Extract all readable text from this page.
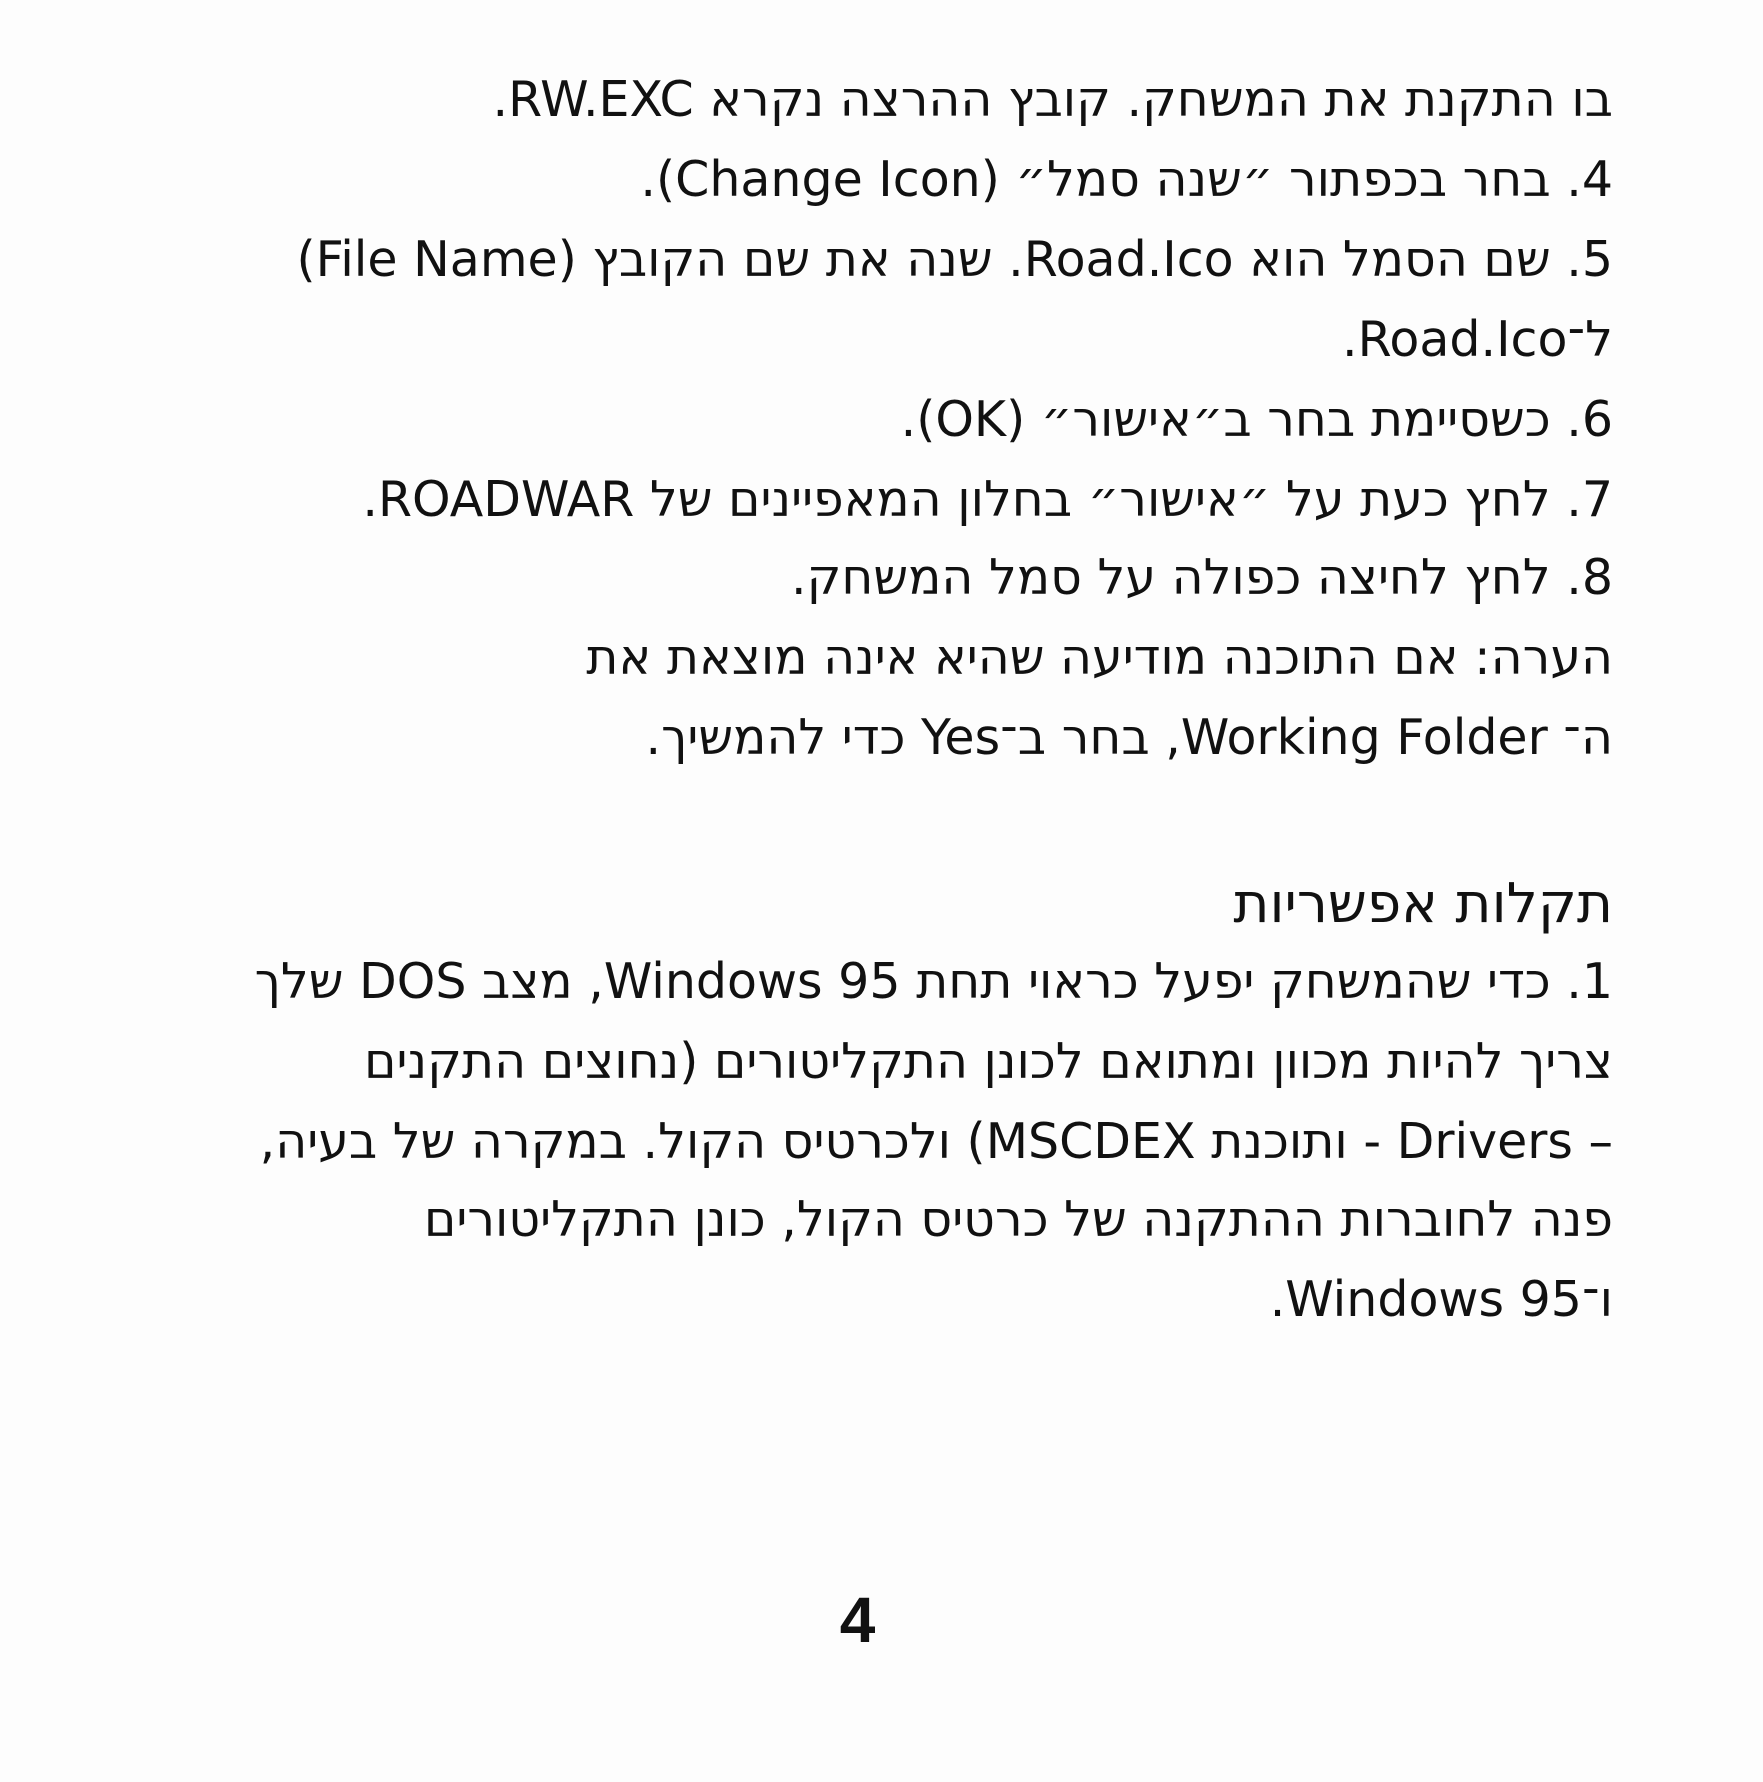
בו התקנת את המשחק. קובץ ההרצה נקרא RW.EXC.
4. בחר בכפתור ״שנה סמל״ (Change Icon).
5. שם הסמל הוא Road.Ico. שנה את שם הקובץ (File Name)
ל־Road.Ico.
6. כשסיימת בחר ב״אישור״ (OK).
7. לחץ כעת על ״אישור״ בחלון המאפיינים של ROADWAR.
8. לחץ לחיצה כפולה על סמל המשחק.
הערה: אם התוכנה מודיעה שהיא אינה מוצאת את
ה־ Working Folder, בחר ב־Yes כדי להמשיך.
תקלות אפשריות
1. כדי שהמשחק יפעל כראוי תחת Windows 95, מצב DOS שלך
צריך להיות מכוון ומתואם לכונן התקליטורים (נחוצים התקנים
– Drivers - ותוכנת MSCDEX) ולכרטיס הקול. במקרה של בעיה,
פנה לחוברות ההתקנה של כרטיס הקול, כונן התקליטורים
ו־Windows 95.
4
